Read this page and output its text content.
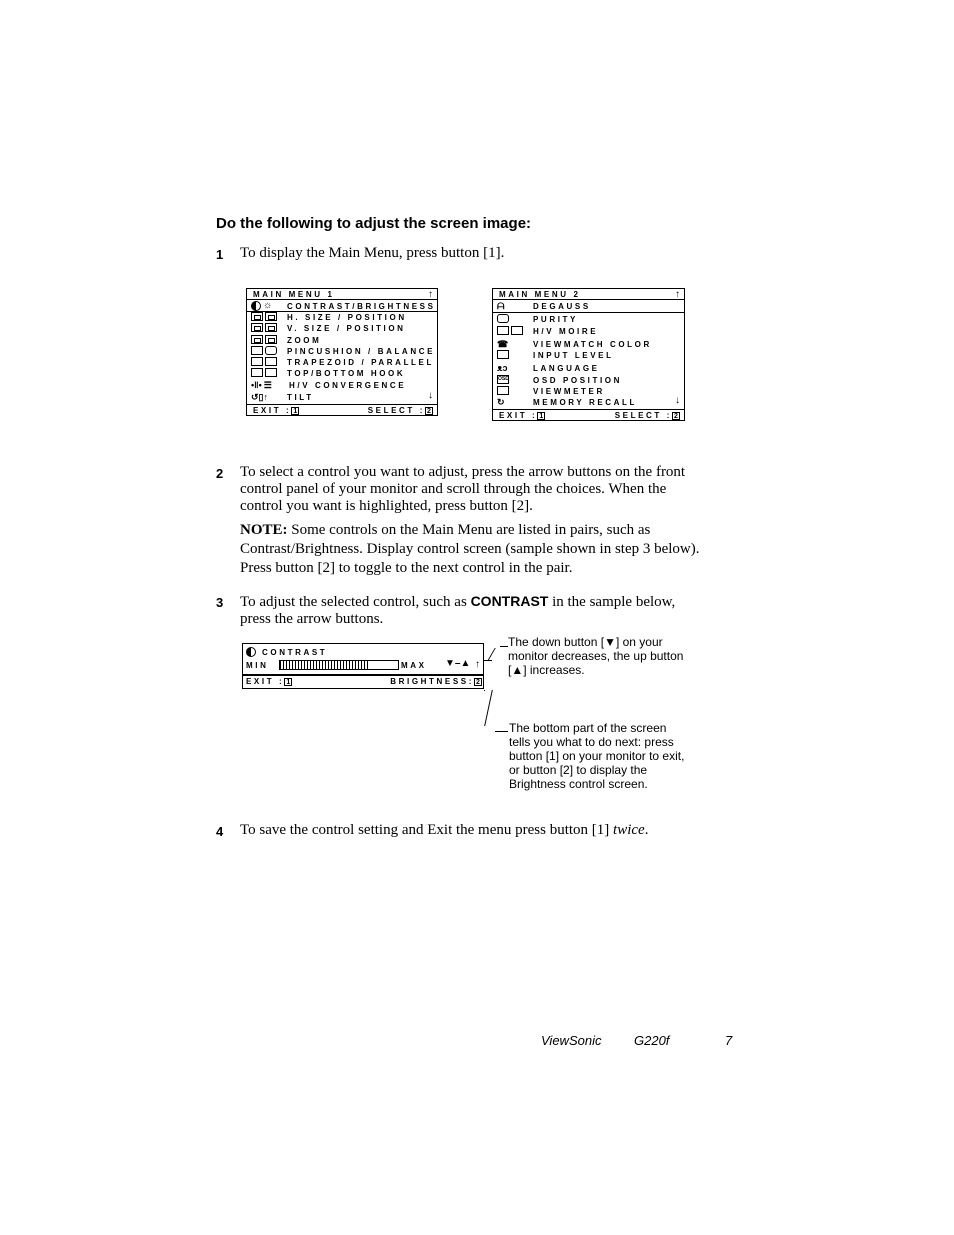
Do the following to adjust the screen image:
1 To display the Main Menu, press button [1].
MAIN MENU 1	↑
☼ CONTRAST/BRIGHTNESS
H. SIZE / POSITION
V. SIZE / POSITION
ZOOM
PINCUSHION / BALANCE
TRAPEZOID / PARALLEL
TOP/BOTTOM HOOK
•‖• ☰ H/V CONVERGENCE
↺▯↑ TILT	↓
EXIT : 1	SELECT : 2
MAIN MENU 2	↑
ᗩ	DEGAUSS
PURITY
H/V MOIRE
☎	VIEWMATCH COLOR
INPUT LEVEL
ᴥᴐ	LANGUAGE
OSD	OSD POSITION
VIEWMETER
↻	MEMORY RECALL	↓
EXIT : 1	SELECT : 2
2 To select a control you want to adjust, press the arrow buttons on the front
control panel of your monitor and scroll through the choices. When the
control you want is highlighted, press button [2].
NOTE: Some controls on the Main Menu are listed in pairs, such as
Contrast/Brightness. Display control screen (sample shown in step 3 below).
Press button [2] to toggle to the next control in the pair.
3 To adjust the selected control, such as CONTRAST in the sample below,
press the arrow buttons.
CONTRAST
MIN	MAX ▼–▲ ↑
EXIT : 1	BRIGHTNESS: 2
The down button [▼] on your
monitor decreases, the up button
[▲] increases.
The bottom part of the screen
tells you what to do next: press
button [1] on your monitor to exit,
or button [2] to display the
Brightness control screen.
4 To save the control setting and Exit the menu press button [1] twice.
ViewSonic	G220f	7
